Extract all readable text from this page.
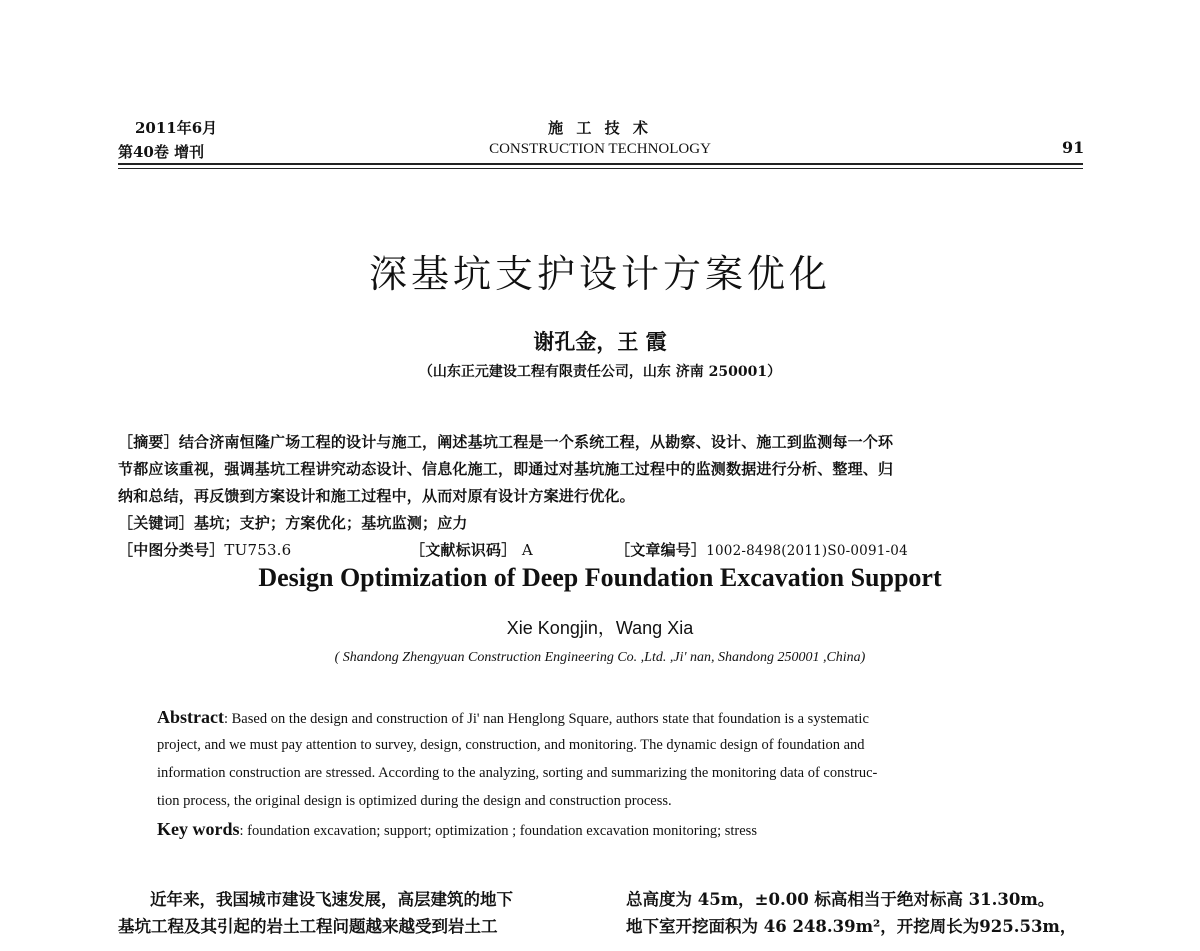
2011年6月
第40卷 增刊
施 工 技 术
CONSTRUCTION TECHNOLOGY	91
深基坑支护设计方案优化
谢孔金，王 霞
（山东正元建设工程有限责任公司，山东 济南 250001）
［摘要］结合济南恒隆广场工程的设计与施工，阐述基坑工程是一个系统工程，从勘察、设计、施工到监测每一个环
节都应该重视，强调基坑工程讲究动态设计、信息化施工，即通过对基坑施工过程中的监测数据进行分析、整理、归
纳和总结，再反馈到方案设计和施工过程中，从而对原有设计方案进行优化。
［关键词］基坑；支护；方案优化；基坑监测；应力
［中图分类号］TU753.6	［文献标识码］ A	［文章编号］1002-8498(2011)S0-0091-04
Design Optimization of Deep Foundation Excavation Support
Xie Kongjin，Wang Xia
( Shandong Zhengyuan Construction Engineering Co. ,Ltd. ,Ji' nan, Shandong 250001 ,China)
Abstract: Based on the design and construction of Ji' nan Henglong Square, authors state that foundation is a systematic
project, and we must pay attention to survey, design, construction, and monitoring. The dynamic design of foundation and
information construction are stressed. According to the analyzing, sorting and summarizing the monitoring data of construc-
tion process, the original design is optimized during the design and construction process.
Key words: foundation excavation; support; optimization ; foundation excavation monitoring; stress
近年来，我国城市建设飞速发展，高层建筑的地下
基坑工程及其引起的岩土工程问题越来越受到岩土工
总高度为 45m，±0.00 标高相当于绝对标高 31.30m。
地下室开挖面积为 46 248.39m²，开挖周长为925.53m，
